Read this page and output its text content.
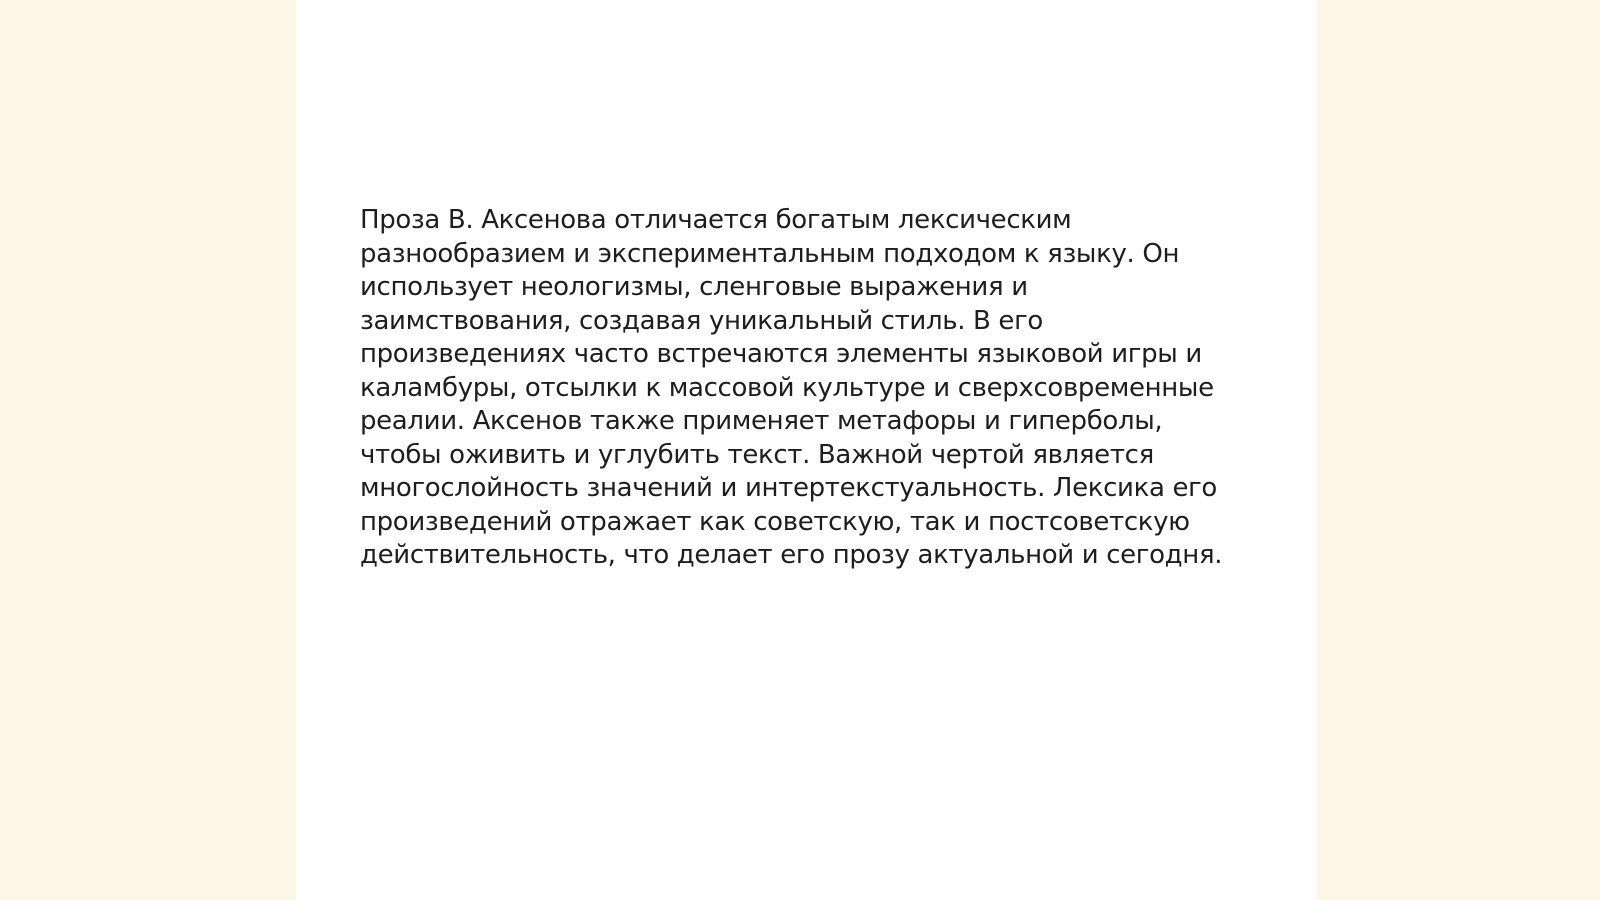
Проза В. Аксенова отличается богатым лексическим
разнообразием и экспериментальным подходом к языку. Он
использует неологизмы, сленговые выражения и
заимствования, создавая уникальный стиль. В его
произведениях часто встречаются элементы языковой игры и
каламбуры, отсылки к массовой культуре и сверхсовременные
реалии. Аксенов также применяет метафоры и гиперболы,
чтобы оживить и углубить текст. Важной чертой является
многослойность значений и интертекстуальность. Лексика его
произведений отражает как советскую, так и постсоветскую
действительность, что делает его прозу актуальной и сегодня.
